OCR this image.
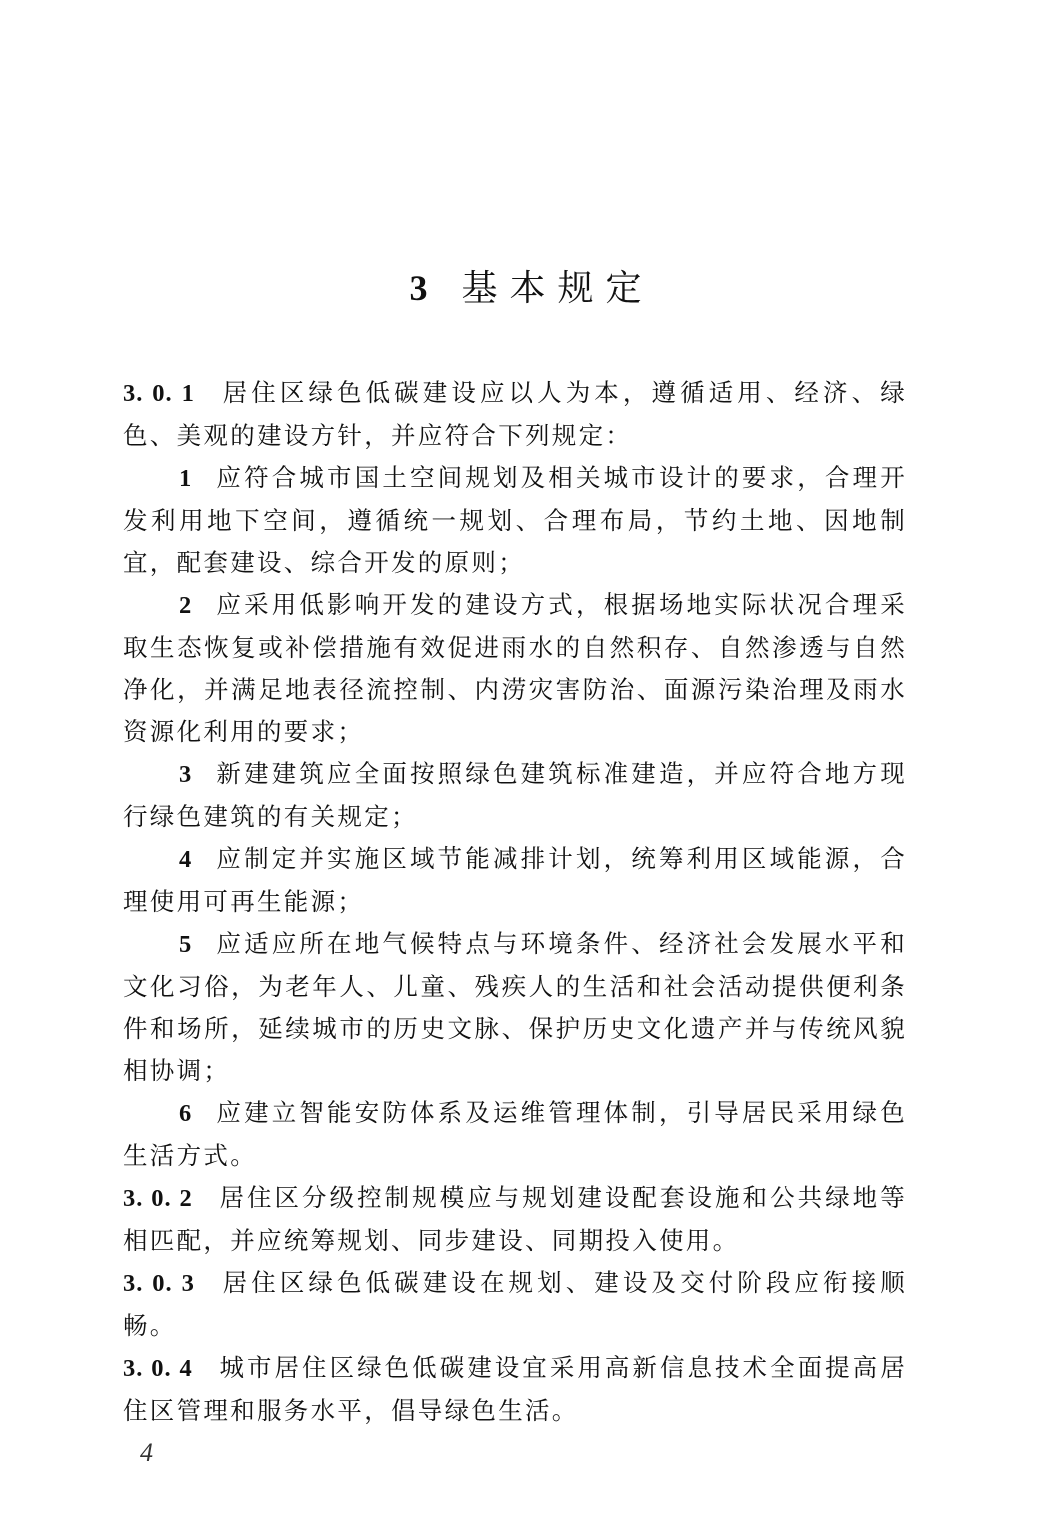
3 基本规定

3. 0. 1 居住区绿色低碳建设应以人为本，遵循适用、经济、绿色、美观的建设方针，并应符合下列规定：

1 应符合城市国土空间规划及相关城市设计的要求，合理开发利用地下空间，遵循统一规划、合理布局，节约土地、因地制宜，配套建设、综合开发的原则；

2 应采用低影响开发的建设方式，根据场地实际状况合理采取生态恢复或补偿措施有效促进雨水的自然积存、自然渗透与自然净化，并满足地表径流控制、内涝灾害防治、面源污染治理及雨水资源化利用的要求；

3 新建建筑应全面按照绿色建筑标准建造，并应符合地方现行绿色建筑的有关规定；

4 应制定并实施区域节能减排计划，统筹利用区域能源，合理使用可再生能源；

5 应适应所在地气候特点与环境条件、经济社会发展水平和文化习俗，为老年人、儿童、残疾人的生活和社会活动提供便利条件和场所，延续城市的历史文脉、保护历史文化遗产并与传统风貌相协调；

6 应建立智能安防体系及运维管理体制，引导居民采用绿色生活方式。

3. 0. 2 居住区分级控制规模应与规划建设配套设施和公共绿地等相匹配，并应统筹规划、同步建设、同期投入使用。

3. 0. 3 居住区绿色低碳建设在规划、建设及交付阶段应衔接顺畅。

3. 0. 4 城市居住区绿色低碳建设宜采用高新信息技术全面提高居住区管理和服务水平，倡导绿色生活。

4
